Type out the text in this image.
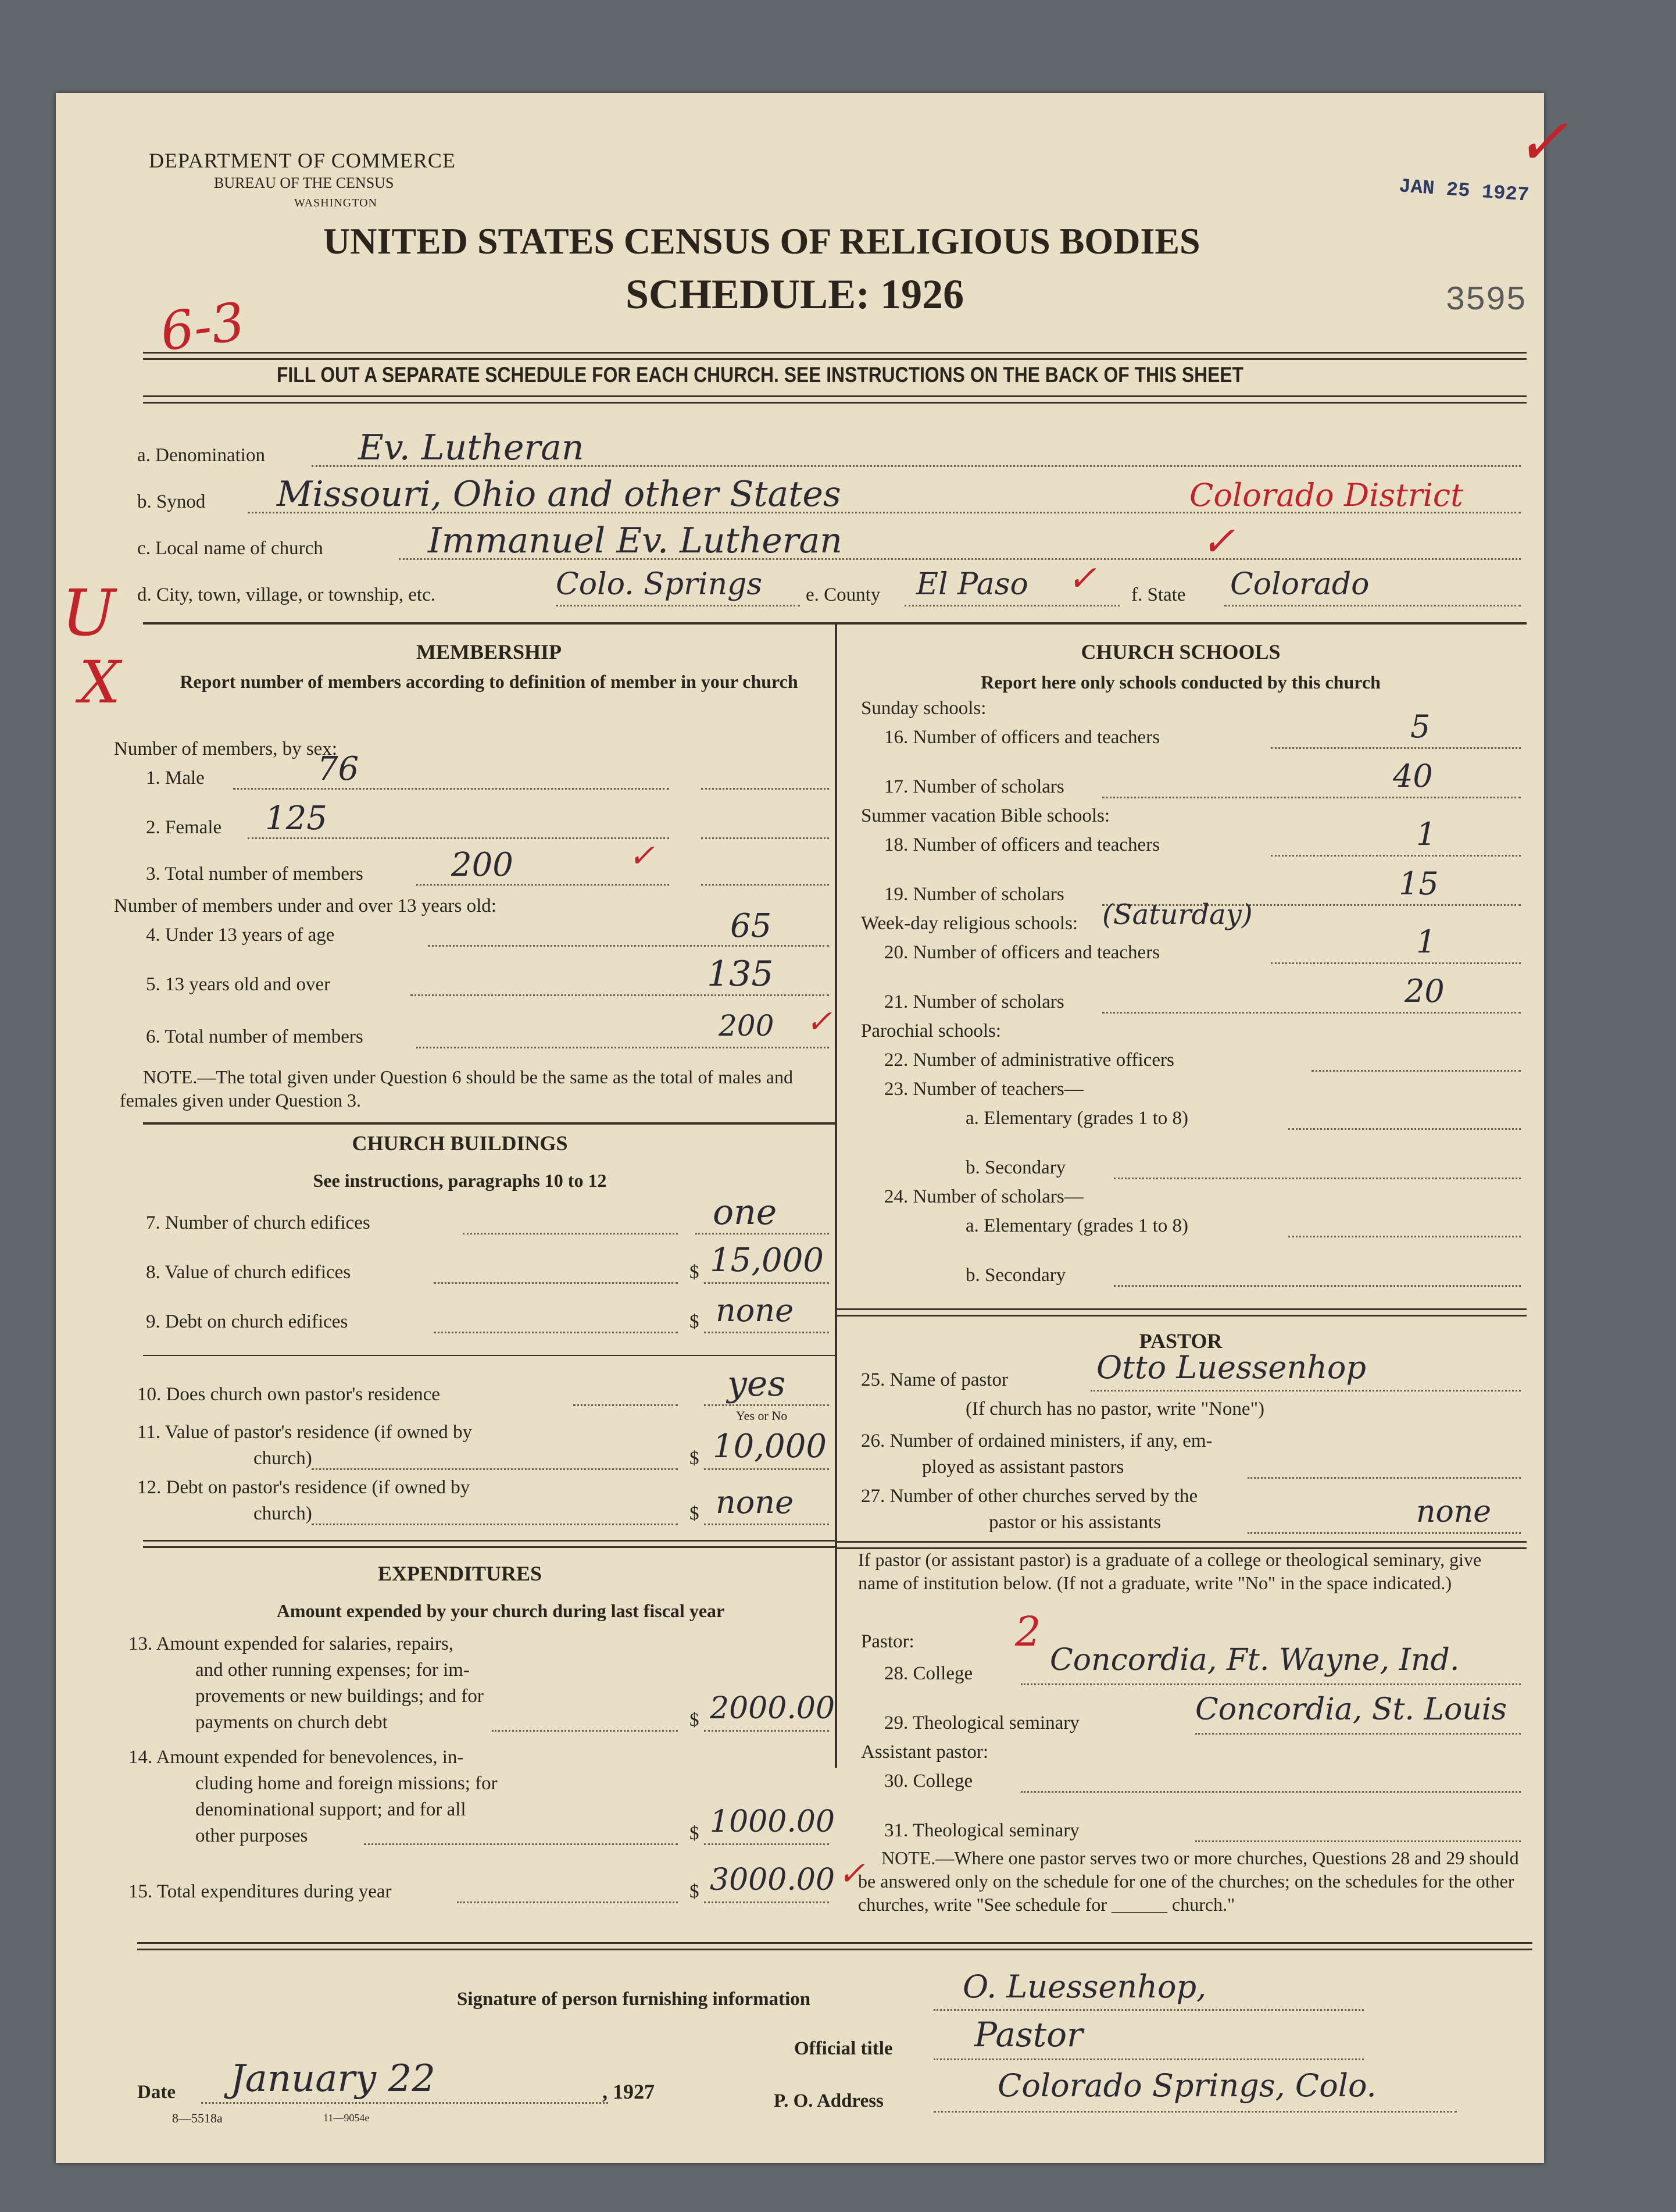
DEPARTMENT OF COMMERCE
BUREAU OF THE CENSUS
WASHINGTON
UNITED STATES CENSUS OF RELIGIOUS BODIES
SCHEDULE: 1926
JAN 25 1927
3595
6-3
✓
FILL OUT A SEPARATE SCHEDULE FOR EACH CHURCH. SEE INSTRUCTIONS ON THE BACK OF THIS SHEET
U
a. Denomination	Ev. Lutheran
b. Synod Missouri, Ohio and other States	Colorado District
c. Local name of church	Immanuel Ev. Lutheran	✓
d. City, town, village, or township, etc.	Colo. Springs e. County El Paso ✓ f. State Colorado
X	MEMBERSHIP
Report number of members according to definition of member in your church
Number of members, by sex:
1. Male	76
2. Female 125
3. Total number of members	200	✓
Number of members under and over 13 years old:
4. Under 13 years of age	65
5. 13 years old and over	135
6. Total number of members	200 ✓
NOTE.—The total given under Question 6 should be the same as the total of males and females given under Question 3.
CHURCH BUILDINGS
See instructions, paragraphs 10 to 12
7. Number of church edifices	one
8. Value of church edifices	$ 15,000
9. Debt on church edifices	$ none
10. Does church own pastor's residence	yes
Yes or No
11. Value of pastor's residence (if owned by
church)	$ 10,000
12. Debt on pastor's residence (if owned by
church)	$ none
EXPENDITURES
Amount expended by your church during last fiscal year
13. Amount expended for salaries, repairs,
and other running expenses; for im-
provements or new buildings; and for
payments on church debt	$ 2000.00
14. Amount expended for benevolences, in-
cluding home and foreign missions; for
denominational support; and for all
other purposes	$ 1000.00
15. Total expenditures during year	$ 3000.00
CHURCH SCHOOLS
Report here only schools conducted by this church
Sunday schools:
16. Number of officers and teachers	5
17. Number of scholars	40
Summer vacation Bible schools:
18. Number of officers and teachers	1
19. Number of scholars	15
Week-day religious schools: (Saturday)
20. Number of officers and teachers	1
21. Number of scholars	20
Parochial schools:
22. Number of administrative officers
23. Number of teachers—
a. Elementary (grades 1 to 8)
b. Secondary
24. Number of scholars—
a. Elementary (grades 1 to 8)
b. Secondary
PASTOR
25. Name of pastor	Otto Luessenhop
(If church has no pastor, write "None")
26. Number of ordained ministers, if any, em-
ployed as assistant pastors
27. Number of other churches served by the
pastor or his assistants	none
If pastor (or assistant pastor) is a graduate of a college or theological seminary, give name of institution below. (If not a graduate, write "No" in the space indicated.)
Pastor: 2
28. College	Concordia, Ft. Wayne, Ind.
29. Theological seminary	Concordia, St. Louis
Assistant pastor:
30. College
31. Theological seminary
NOTE.—Where one pastor serves two or more churches, Questions 28 and 29 should be answered only on the schedule for one of the churches; on the schedules for the other churches, write "See schedule for ______ church."
✓
Signature of person furnishing information	O. Luessenhop,
Official title Pastor
Date January 22	, 1927
8—5518a	11—9054e
P. O. Address	Colorado Springs, Colo.
